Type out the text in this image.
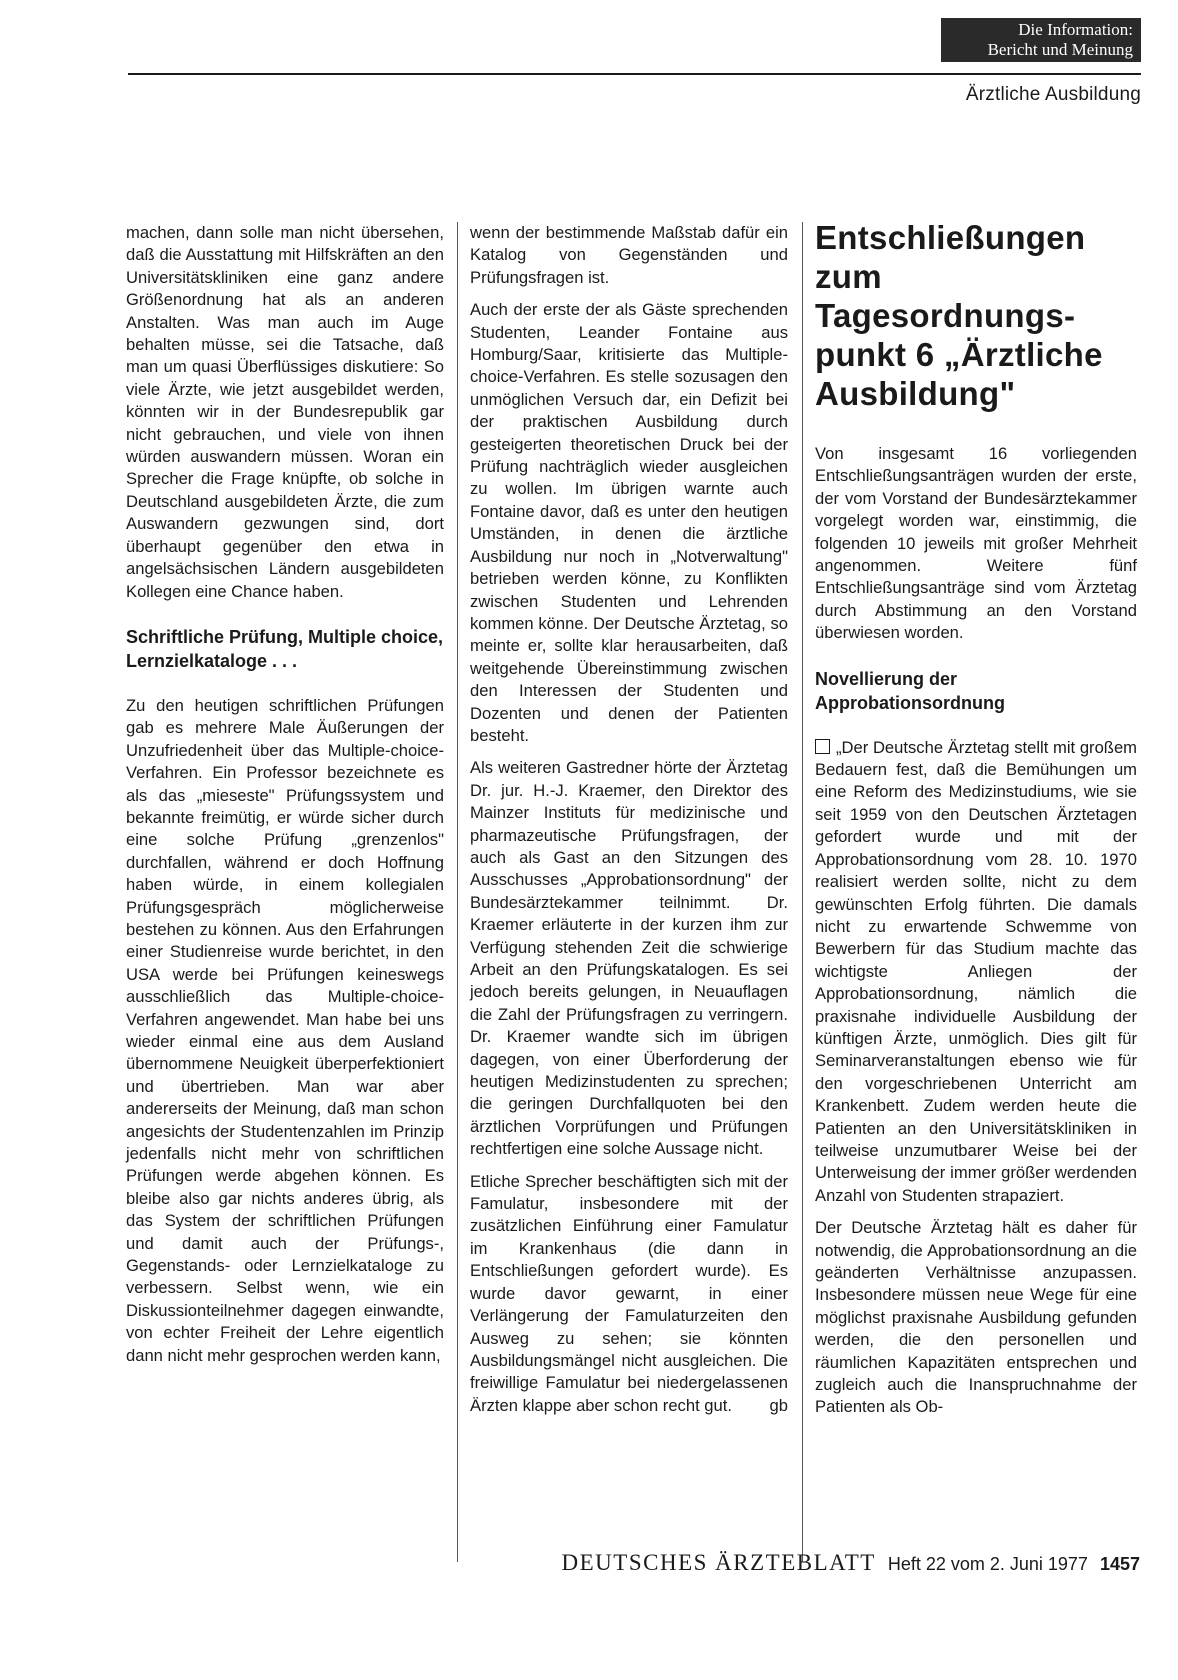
Die Information:
Bericht und Meinung
Ärztliche Ausbildung

machen, dann solle man nicht übersehen, daß die Ausstattung mit Hilfskräften an den Universitätskliniken eine ganz andere Größenordnung hat als an anderen Anstalten. Was man auch im Auge behalten müsse, sei die Tatsache, daß man um quasi Überflüssiges diskutiere: So viele Ärzte, wie jetzt ausgebildet werden, könnten wir in der Bundesrepublik gar nicht gebrauchen, und viele von ihnen würden auswandern müssen. Woran ein Sprecher die Frage knüpfte, ob solche in Deutschland ausgebildeten Ärzte, die zum Auswandern gezwungen sind, dort überhaupt gegenüber den etwa in angelsächsischen Ländern ausgebildeten Kollegen eine Chance haben.

Schriftliche Prüfung, Multiple choice, Lernzielkataloge . . .

Zu den heutigen schriftlichen Prüfungen gab es mehrere Male Äußerungen der Unzufriedenheit über das Multiple-choice-Verfahren. Ein Professor bezeichnete es als das „mieseste" Prüfungssystem und bekannte freimütig, er würde sicher durch eine solche Prüfung „grenzenlos" durchfallen, während er doch Hoffnung haben würde, in einem kollegialen Prüfungsgespräch möglicherweise bestehen zu können. Aus den Erfahrungen einer Studienreise wurde berichtet, in den USA werde bei Prüfungen keineswegs ausschließlich das Multiple-choice-Verfahren angewendet. Man habe bei uns wieder einmal eine aus dem Ausland übernommene Neuigkeit überperfektioniert und übertrieben. Man war aber andererseits der Meinung, daß man schon angesichts der Studentenzahlen im Prinzip jedenfalls nicht mehr von schriftlichen Prüfungen werde abgehen können. Es bleibe also gar nichts anderes übrig, als das System der schriftlichen Prüfungen und damit auch der Prüfungs-, Gegenstands- oder Lernzielkataloge zu verbessern. Selbst wenn, wie ein Diskussionteilnehmer dagegen einwandte, von echter Freiheit der Lehre eigentlich dann nicht mehr gesprochen werden kann,

wenn der bestimmende Maßstab dafür ein Katalog von Gegenständen und Prüfungsfragen ist.

Auch der erste der als Gäste sprechenden Studenten, Leander Fontaine aus Homburg/Saar, kritisierte das Multiple-choice-Verfahren. Es stelle sozusagen den unmöglichen Versuch dar, ein Defizit bei der praktischen Ausbildung durch gesteigerten theoretischen Druck bei der Prüfung nachträglich wieder ausgleichen zu wollen. Im übrigen warnte auch Fontaine davor, daß es unter den heutigen Umständen, in denen die ärztliche Ausbildung nur noch in „Notverwaltung" betrieben werden könne, zu Konflikten zwischen Studenten und Lehrenden kommen könne. Der Deutsche Ärztetag, so meinte er, sollte klar herausarbeiten, daß weitgehende Übereinstimmung zwischen den Interessen der Studenten und Dozenten und denen der Patienten besteht.

Als weiteren Gastredner hörte der Ärztetag Dr. jur. H.-J. Kraemer, den Direktor des Mainzer Instituts für medizinische und pharmazeutische Prüfungsfragen, der auch als Gast an den Sitzungen des Ausschusses „Approbationsordnung" der Bundesärztekammer teilnimmt. Dr. Kraemer erläuterte in der kurzen ihm zur Verfügung stehenden Zeit die schwierige Arbeit an den Prüfungskatalogen. Es sei jedoch bereits gelungen, in Neuauflagen die Zahl der Prüfungsfragen zu verringern. Dr. Kraemer wandte sich im übrigen dagegen, von einer Überforderung der heutigen Medizinstudenten zu sprechen; die geringen Durchfallquoten bei den ärztlichen Vorprüfungen und Prüfungen rechtfertigen eine solche Aussage nicht.

Etliche Sprecher beschäftigten sich mit der Famulatur, insbesondere mit der zusätzlichen Einführung einer Famulatur im Krankenhaus (die dann in Entschließungen gefordert wurde). Es wurde davor gewarnt, in einer Verlängerung der Famulaturzeiten den Ausweg zu sehen; sie könnten Ausbildungsmängel nicht ausgleichen. Die freiwillige Famulatur bei niedergelassenen Ärzten klappe aber schon recht gut. gb

Entschließungen zum Tagesordnungs-punkt 6 „Ärztliche Ausbildung"

Von insgesamt 16 vorliegenden Entschließungsanträgen wurden der erste, der vom Vorstand der Bundesärztekammer vorgelegt worden war, einstimmig, die folgenden 10 jeweils mit großer Mehrheit angenommen. Weitere fünf Entschließungsanträge sind vom Ärztetag durch Abstimmung an den Vorstand überwiesen worden.

Novellierung der Approbationsordnung

„Der Deutsche Ärztetag stellt mit großem Bedauern fest, daß die Bemühungen um eine Reform des Medizinstudiums, wie sie seit 1959 von den Deutschen Ärztetagen gefordert wurde und mit der Approbationsordnung vom 28. 10. 1970 realisiert werden sollte, nicht zu dem gewünschten Erfolg führten. Die damals nicht zu erwartende Schwemme von Bewerbern für das Studium machte das wichtigste Anliegen der Approbationsordnung, nämlich die praxisnahe individuelle Ausbildung der künftigen Ärzte, unmöglich. Dies gilt für Seminarveranstaltungen ebenso wie für den vorgeschriebenen Unterricht am Krankenbett. Zudem werden heute die Patienten an den Universitätskliniken in teilweise unzumutbarer Weise bei der Unterweisung der immer größer werdenden Anzahl von Studenten strapaziert.

Der Deutsche Ärztetag hält es daher für notwendig, die Approbationsordnung an die geänderten Verhältnisse anzupassen. Insbesondere müssen neue Wege für eine möglichst praxisnahe Ausbildung gefunden werden, die den personellen und räumlichen Kapazitäten entsprechen und zugleich auch die Inanspruchnahme der Patienten als Ob-

DEUTSCHES ÄRZTEBLATT Heft 22 vom 2. Juni 1977 1457
